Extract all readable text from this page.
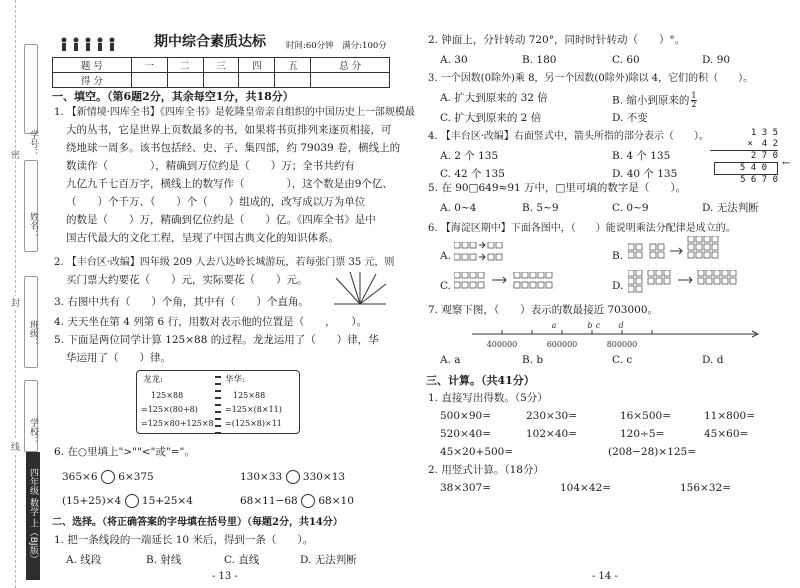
学号：
密
姓名：
封
班级：
学校：
线
四年级 数学 上（BJ版）
期中综合素质达标 时间:60分钟　满分:100分
题 号	一	二	三	四	五	总 分
得 分						
一、填空。（第6题2分，其余每空1分，共18分）
1. 【新情境·四库全书】《四库全书》是乾隆皇帝亲自组织的中国历史上一部规模最
大的丛书，它是世界上页数最多的书，如果将书页排列来逐页相接，可
绕地球一周多。该书包括经、史、子、集四部，约 79039 卷，横线上的
数读作（　　　　），精确到万位约是（　　）万；全书共约有
九亿九千七百万字，横线上的数写作（　　　　），这个数是由9个亿、
（　　）个千万、（　　）个（　　）组成的，改写成以万为单位
的数是（　　）万，精确到亿位约是（　　）亿。《四库全书》是中
国古代最大的文化工程，呈现了中国古典文化的知识体系。
2. 【丰台区·改编】四年级 209 人去八达岭长城游玩，若每张门票 35 元，则
买门票大约要花（　　）元，实际要花（　　）元。
3. 右图中共有（　　）个角，其中有（　　）个直角。
4. 天天坐在第 4 列第 6 行，用数对表示他的位置是（　　，　　）。
5. 下面是两位同学计算 125×88 的过程。龙龙运用了（　　）律，华
华运用了（　　）律。
龙龙:
125×88
=125×(80+8)
=125×80+125×8
华华:
125×88
=125×(8×11)
=(125×8)×11
6. 在○里填上">""<"或"="。
365×6 6×375	130×33 330×13
(15+25)×4 15+25×4	68×11−68 68×10
二、选择。（将正确答案的字母填在括号里）（每题2分，共14分）
1. 把一条线段的一端延长 10 米后，得到一条（　　）。
A. 线段	B. 射线	C. 直线	D. 无法判断
- 13 -
2. 钟面上，分针转动 720°，同时时针转动（　　）°。
A. 30	B. 180	C. 60	D. 90
3. 一个因数(0除外)乘 8，另一个因数(0除外)除以 4，它们的积（　　）。
A. 扩大到原来的 32 倍	B. 缩小到原来的 $\frac{1}{2}$
C. 扩大到原来的 2 倍	D. 不变
4. 【丰台区·改编】右面竖式中，箭头所指的部分表示（　　）。
A. 2 个 135	B. 4 个 135
C. 42 个 135	D. 40 个 135
1 3 5
×　4 2
2 7 0
5 4 0
5 6 7 0
←
5. 在 90□649≈91 万中，□里可填的数字是（　　）。
A. 0~4	B. 5~9	C. 0~9	D. 无法判断
6. 【海淀区期中】下面各图中，（　　）能说明乘法分配律是成立的。
A.	B.
C.	D.
7. 观察下图，（　　）表示的数最接近 703000。
400000	600000	800000
a	b c d
A. a	B. b	C. c	D. d
三、计算。（共41分）
1. 直接写出得数。（5分）
500×90=	230×30=	16×500=	11×800=
520×40=	102×40=	120÷5=	45×60=
45×20+500=	(208−28)×125=
2. 用竖式计算。（18分）
38×307=	104×42=	156×32=
- 14 -
